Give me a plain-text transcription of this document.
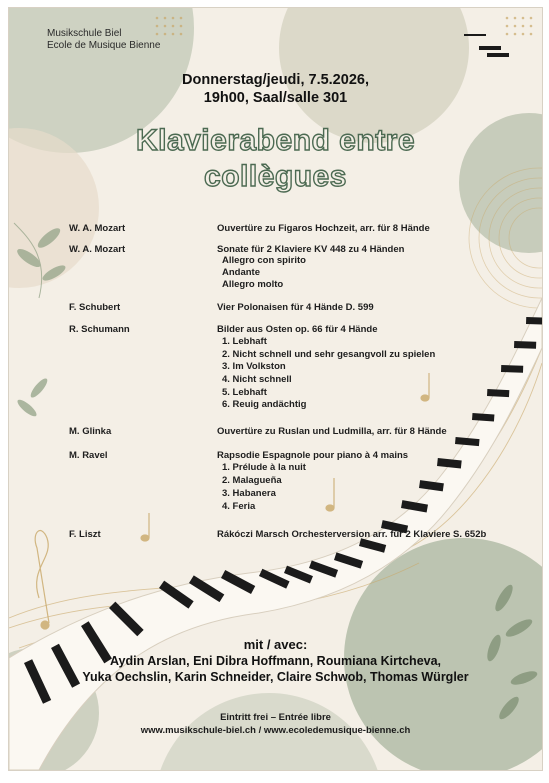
Musikschule Biel
Ecole de Musique Bienne
Donnerstag/jeudi, 7.5.2026,
19h00, Saal/salle 301
Klavierabend entre
collègues
W. A. Mozart	Ouvertüre zu Figaros Hochzeit, arr. für 8 Hände
W. A. Mozart	Sonate für 2 Klaviere KV 448 zu 4 Händen
Allegro con spirito
Andante
Allegro molto
F. Schubert	Vier Polonaisen für 4 Hände D. 599
R. Schumann	Bilder aus Osten op. 66 für 4 Hände
1. Lebhaft
2. Nicht schnell und sehr gesangvoll zu spielen
3. Im Volkston
4. Nicht schnell
5. Lebhaft
6. Reuig andächtig
M. Glinka	Ouvertüre zu Ruslan und Ludmilla, arr. für 8 Hände
M. Ravel	Rapsodie Espagnole pour piano à 4 mains
1. Prélude à la nuit
2. Malagueña
3. Habanera
4. Feria
F. Liszt	Rákóczi Marsch Orchesterversion arr. für 2 Klaviere S. 652b
mit / avec:
Aydin Arslan, Eni Dibra Hoffmann, Roumiana Kirtcheva,
Yuka Oechslin, Karin Schneider, Claire Schwob, Thomas Würgler
Eintritt frei – Entrée libre
www.musikschule-biel.ch / www.ecoledemusique-bienne.ch
